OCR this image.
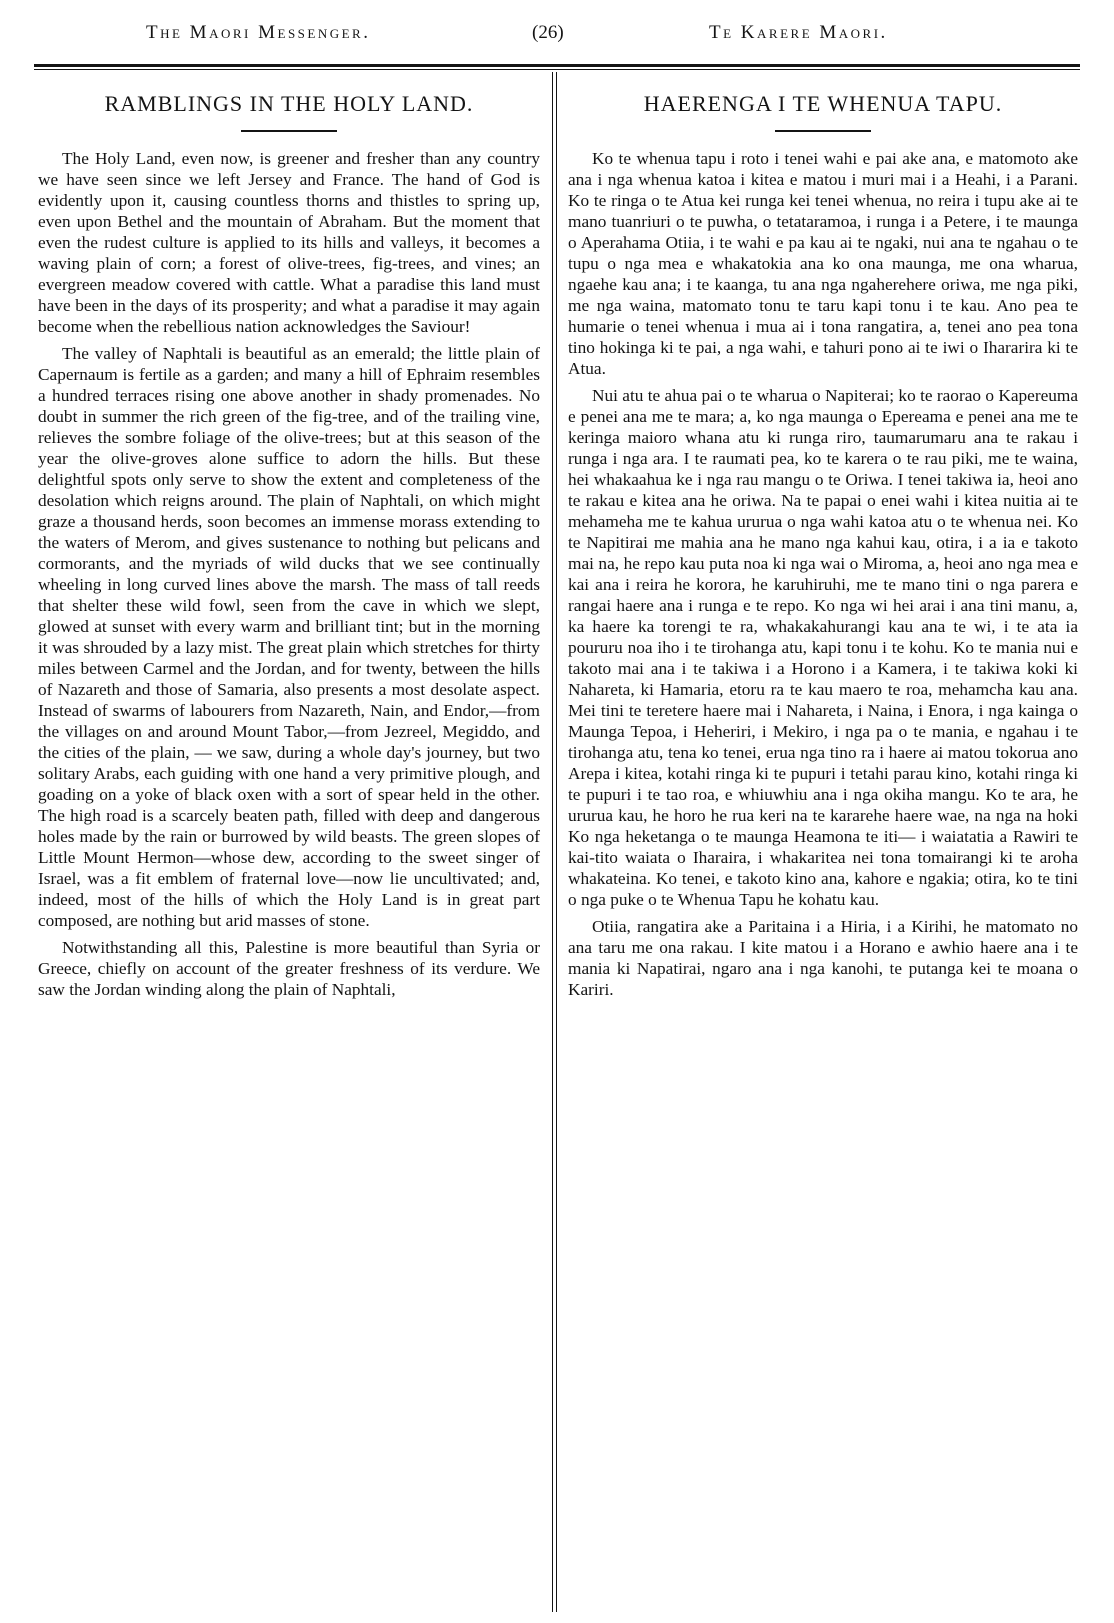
The Maori Messenger.	(26)	Te Karere Maori.
RAMBLINGS IN THE HOLY LAND.

The Holy Land, even now, is greener and fresher than any country we have seen since we left Jersey and France. The hand of God is evidently upon it, causing countless thorns and thistles to spring up, even upon Bethel and the mountain of Abraham. But the moment that even the rudest culture is applied to its hills and valleys, it becomes a waving plain of corn; a forest of olive-trees, fig-trees, and vines; an evergreen meadow covered with cattle. What a paradise this land must have been in the days of its prosperity; and what a paradise it may again become when the rebellious nation acknowledges the Saviour!

The valley of Naphtali is beautiful as an emerald; the little plain of Capernaum is fertile as a garden; and many a hill of Ephraim resembles a hundred terraces rising one above another in shady promenades. No doubt in summer the rich green of the fig-tree, and of the trailing vine, relieves the sombre foliage of the olive-trees; but at this season of the year the olive-groves alone suffice to adorn the hills. But these delightful spots only serve to show the extent and completeness of the desolation which reigns around. The plain of Naphtali, on which might graze a thousand herds, soon becomes an immense morass extending to the waters of Merom, and gives sustenance to nothing but pelicans and cormorants, and the myriads of wild ducks that we see continually wheeling in long curved lines above the marsh. The mass of tall reeds that shelter these wild fowl, seen from the cave in which we slept, glowed at sunset with every warm and brilliant tint; but in the morning it was shrouded by a lazy mist. The great plain which stretches for thirty miles between Carmel and the Jordan, and for twenty, between the hills of Nazareth and those of Samaria, also presents a most desolate aspect. Instead of swarms of labourers from Nazareth, Nain, and Endor,—from the villages on and around Mount Tabor,—from Jezreel, Megiddo, and the cities of the plain, — we saw, during a whole day's journey, but two solitary Arabs, each guiding with one hand a very primitive plough, and goading on a yoke of black oxen with a sort of spear held in the other. The high road is a scarcely beaten path, filled with deep and dangerous holes made by the rain or burrowed by wild beasts. The green slopes of Little Mount Hermon—whose dew, according to the sweet singer of Israel, was a fit emblem of fraternal love—now lie uncultivated; and, indeed, most of the hills of which the Holy Land is in great part composed, are nothing but arid masses of stone.

Notwithstanding all this, Palestine is more beautiful than Syria or Greece, chiefly on account of the greater freshness of its verdure. We saw the Jordan winding along the plain of Naphtali,

HAERENGA I TE WHENUA TAPU.

Ko te whenua tapu i roto i tenei wahi e pai ake ana, e matomoto ake ana i nga whenua katoa i kitea e matou i muri mai i a Heahi, i a Parani. Ko te ringa o te Atua kei runga kei tenei whenua, no reira i tupu ake ai te mano tuanriuri o te puwha, o tetataramoa, i runga i a Petere, i te maunga o Aperahama Otiia, i te wahi e pa kau ai te ngaki, nui ana te ngahau o te tupu o nga mea e whakatokia ana ko ona maunga, me ona wharua, ngaehe kau ana; i te kaanga, tu ana nga ngaherehere oriwa, me nga piki, me nga waina, matomato tonu te taru kapi tonu i te kau. Ano pea te humarie o tenei whenua i mua ai i tona rangatira, a, tenei ano pea tona tino hokinga ki te pai, a nga wahi, e tahuri pono ai te iwi o Ihararira ki te Atua.

Nui atu te ahua pai o te wharua o Napiterai; ko te raorao o Kapereuma e penei ana me te mara; a, ko nga maunga o Epereama e penei ana me te keringa maioro whana atu ki runga riro, taumarumaru ana te rakau i runga i nga ara. I te raumati pea, ko te karera o te rau piki, me te waina, hei whakaahua ke i nga rau mangu o te Oriwa. I tenei takiwa ia, heoi ano te rakau e kitea ana he oriwa. Na te papai o enei wahi i kitea nuitia ai te mehameha me te kahua ururua o nga wahi katoa atu o te whenua nei. Ko te Napitirai me mahia ana he mano nga kahui kau, otira, i a ia e takoto mai na, he repo kau puta noa ki nga wai o Miroma, a, heoi ano nga mea e kai ana i reira he korora, he karuhiruhi, me te mano tini o nga parera e rangai haere ana i runga e te repo. Ko nga wi hei arai i ana tini manu, a, ka haere ka torengi te ra, whakakahurangi kau ana te wi, i te ata ia poururu noa iho i te tirohanga atu, kapi tonu i te kohu. Ko te mania nui e takoto mai ana i te takiwa i a Horono i a Kamera, i te takiwa koki ki Nahareta, ki Hamaria, etoru ra te kau maero te roa, mehamcha kau ana. Mei tini te teretere haere mai i Nahareta, i Naina, i Enora, i nga kainga o Maunga Tepoa, i Heheriri, i Mekiro, i nga pa o te mania, e ngahau i te tirohanga atu, tena ko tenei, erua nga tino ra i haere ai matou tokorua ano Arepa i kitea, kotahi ringa ki te pupuri i tetahi parau kino, kotahi ringa ki te pupuri i te tao roa, e whiuwhiu ana i nga okiha mangu. Ko te ara, he ururua kau, he horo he rua keri na te kararehe haere wae, na nga na hoki Ko nga heketanga o te maunga Heamona te iti— i waiatatia a Rawiri te kai-tito waiata o Iharaira, i whakaritea nei tona tomairangi ki te aroha whakateina. Ko tenei, e takoto kino ana, kahore e ngakia; otira, ko te tini o nga puke o te Whenua Tapu he kohatu kau.

Otiia, rangatira ake a Paritaina i a Hiria, i a Kirihi, he matomato no ana taru me ona rakau. I kite matou i a Horano e awhio haere ana i te mania ki Napatirai, ngaro ana i nga kanohi, te putanga kei te moana o Kariri.
